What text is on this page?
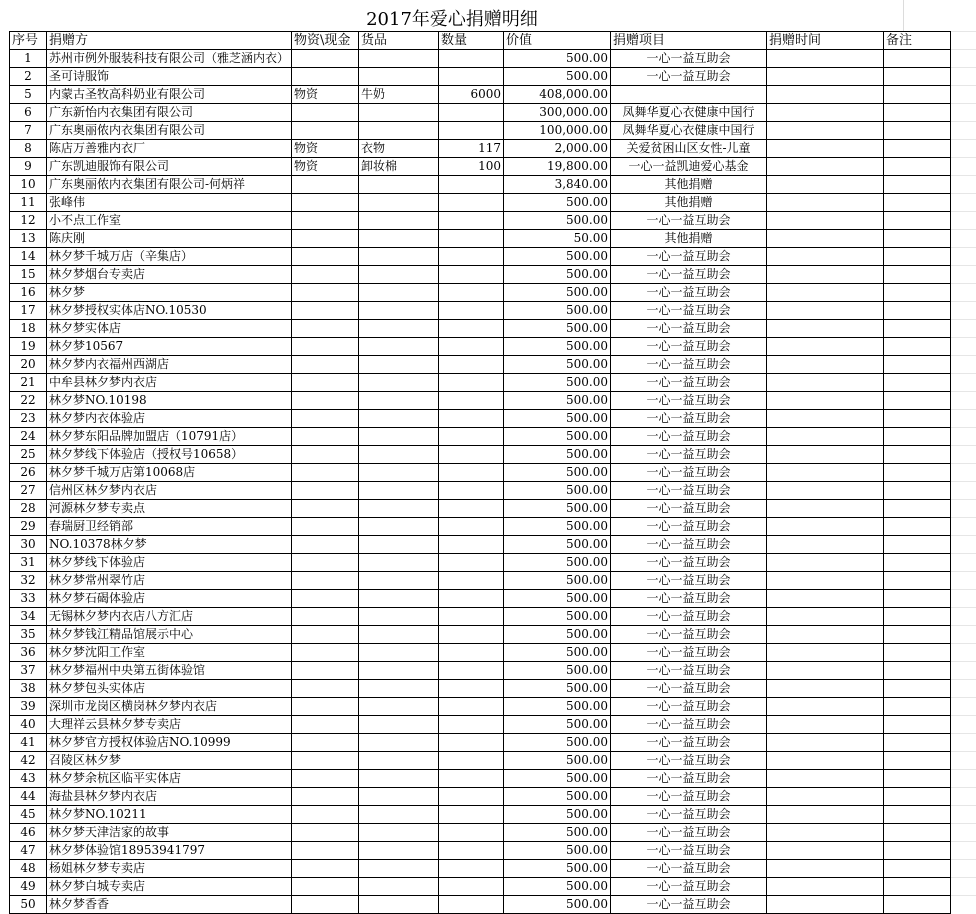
2017年爱心捐赠明细
序号	捐赠方	物资\现金	货品	数量	价值	捐赠项目	捐赠时间	备注
1	苏州市例外服装科技有限公司（雅芝涵内衣）				500.00	一心一益互助会		
2	圣可诗服饰				500.00	一心一益互助会		
5	内蒙古圣牧高科奶业有限公司	物资	牛奶	6000	408,000.00			
6	广东新怡内衣集团有限公司				300,000.00	凤舞华夏心衣健康中国行		
7	广东奥丽侬内衣集团有限公司				100,000.00	凤舞华夏心衣健康中国行		
8	陈店万善雅内衣厂	物资	衣物	117	2,000.00	关爱贫困山区女性-儿童		
9	广东凯迪服饰有限公司	物资	卸妆棉	100	19,800.00	一心一益凯迪爱心基金		
10	广东奥丽侬内衣集团有限公司-何炳祥				3,840.00	其他捐赠		
11	张峰伟				500.00	其他捐赠		
12	小不点工作室				500.00	一心一益互助会		
13	陈庆刚				50.00	其他捐赠		
14	林夕梦千城万店（辛集店）				500.00	一心一益互助会		
15	林夕梦烟台专卖店				500.00	一心一益互助会		
16	林夕梦				500.00	一心一益互助会		
17	林夕梦授权实体店NO.10530				500.00	一心一益互助会		
18	林夕梦实体店				500.00	一心一益互助会		
19	林夕梦10567				500.00	一心一益互助会		
20	林夕梦内衣福州西湖店				500.00	一心一益互助会		
21	中牟县林夕梦内衣店				500.00	一心一益互助会		
22	林夕梦NO.10198				500.00	一心一益互助会		
23	林夕梦内衣体验店				500.00	一心一益互助会		
24	林夕梦东阳品牌加盟店（10791店）				500.00	一心一益互助会		
25	林夕梦线下体验店（授权号10658）				500.00	一心一益互助会		
26	林夕梦千城万店第10068店				500.00	一心一益互助会		
27	信州区林夕梦内衣店				500.00	一心一益互助会		
28	河源林夕梦专卖点				500.00	一心一益互助会		
29	春瑞厨卫经销部				500.00	一心一益互助会		
30	NO.10378林夕梦				500.00	一心一益互助会		
31	林夕梦线下体验店				500.00	一心一益互助会		
32	林夕梦常州翠竹店				500.00	一心一益互助会		
33	林夕梦石碣体验店				500.00	一心一益互助会		
34	无锡林夕梦内衣店八方汇店				500.00	一心一益互助会		
35	林夕梦钱江精品馆展示中心				500.00	一心一益互助会		
36	林夕梦沈阳工作室				500.00	一心一益互助会		
37	林夕梦福州中央第五街体验馆				500.00	一心一益互助会		
38	林夕梦包头实体店				500.00	一心一益互助会		
39	深圳市龙岗区横岗林夕梦内衣店				500.00	一心一益互助会		
40	大理祥云县林夕梦专卖店				500.00	一心一益互助会		
41	林夕梦官方授权体验店NO.10999				500.00	一心一益互助会		
42	召陵区林夕梦				500.00	一心一益互助会		
43	林夕梦余杭区临平实体店				500.00	一心一益互助会		
44	海盐县林夕梦内衣店				500.00	一心一益互助会		
45	林夕梦NO.10211				500.00	一心一益互助会		
46	林夕梦天津洁家的故事				500.00	一心一益互助会		
47	林夕梦体验馆18953941797				500.00	一心一益互助会		
48	杨姐林夕梦专卖店				500.00	一心一益互助会		
49	林夕梦白城专卖店				500.00	一心一益互助会		
50	林夕梦香香				500.00	一心一益互助会		
